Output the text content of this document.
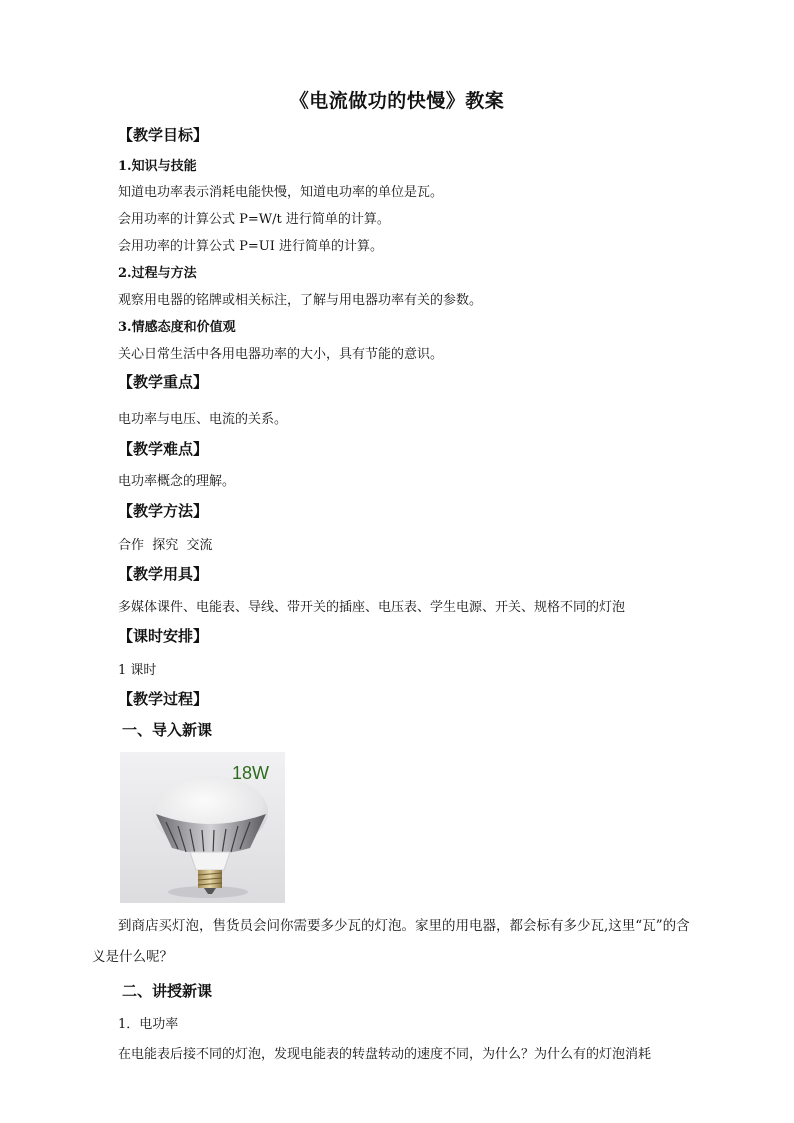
《电流做功的快慢》教案
【教学目标】
1.知识与技能
知道电功率表示消耗电能快慢，知道电功率的单位是瓦。
会用功率的计算公式 P=W/t 进行简单的计算。
会用功率的计算公式 P=UI 进行简单的计算。
2.过程与方法
观察用电器的铭牌或相关标注，了解与用电器功率有关的参数。
3.情感态度和价值观
关心日常生活中各用电器功率的大小，具有节能的意识。
【教学重点】
电功率与电压、电流的关系。
【教学难点】
电功率概念的理解。
【教学方法】
合作  探究  交流
【教学用具】
多媒体课件、电能表、导线、带开关的插座、电压表、学生电源、开关、规格不同的灯泡
【课时安排】
1 课时
【教学过程】
一、导入新课
18W
到商店买灯泡，售货员会问你需要多少瓦的灯泡。家里的用电器，都会标有多少瓦,这里“瓦”的含义是什么呢？
二、讲授新课
1．电功率
在电能表后接不同的灯泡，发现电能表的转盘转动的速度不同，为什么？为什么有的灯泡消耗
